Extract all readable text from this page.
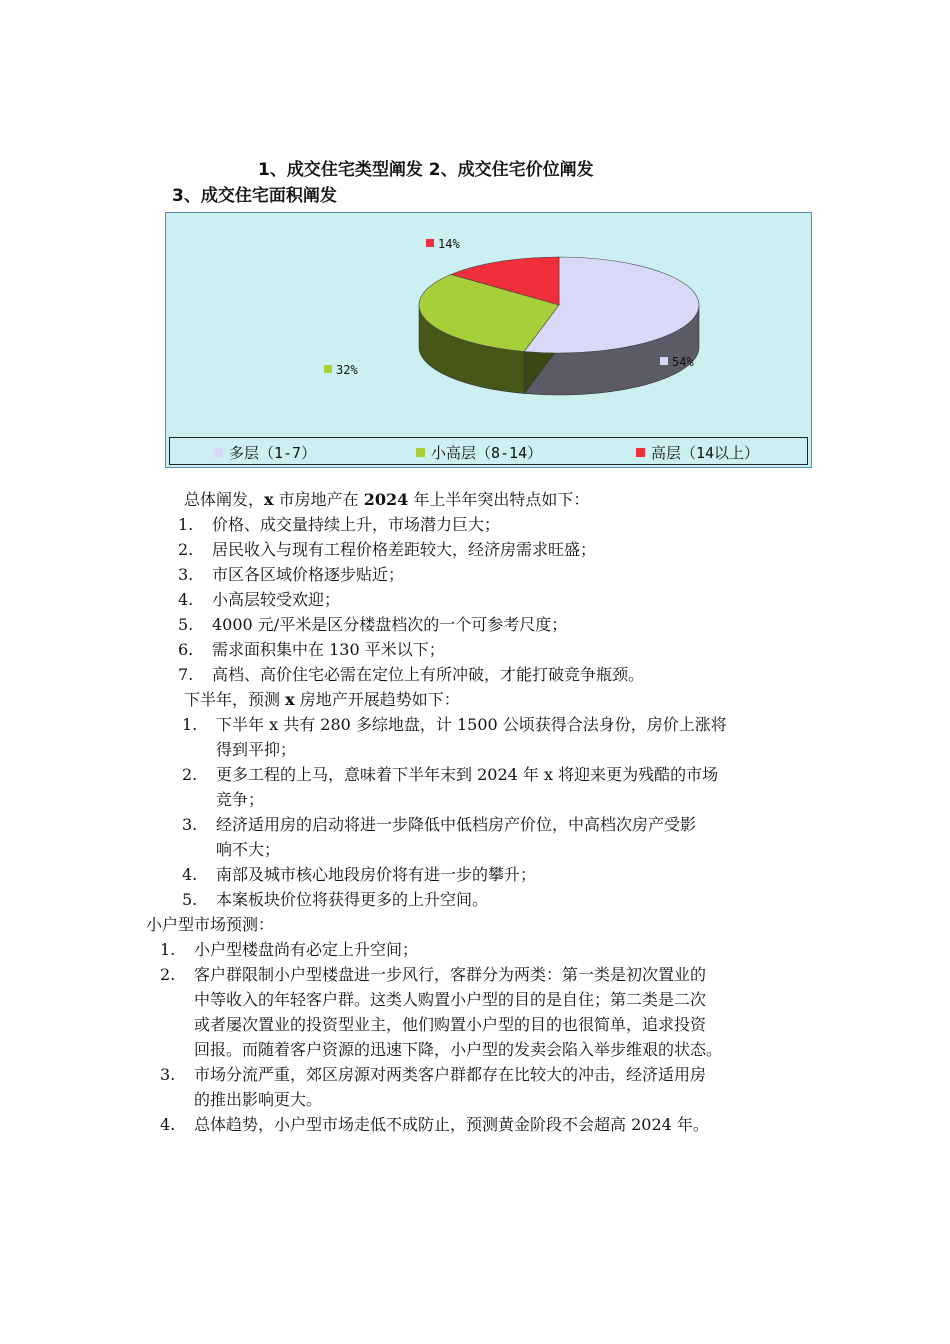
1、成交住宅类型阐发 2、成交住宅价位阐发
3、成交住宅面积阐发
14%
32%
54%
多层（1-7）	小高层（8-14）	高层（14以上）
总体阐发，x 市房地产在 2024 年上半年突出特点如下：
1. 价格、成交量持续上升，市场潜力巨大；
2. 居民收入与现有工程价格差距较大，经济房需求旺盛；
3. 市区各区域价格逐步贴近；
4. 小高层较受欢迎；
5. 4000 元/平米是区分楼盘档次的一个可参考尺度；
6. 需求面积集中在 130 平米以下；
7. 高档、高价住宅必需在定位上有所冲破，才能打破竞争瓶颈。
下半年，预测 x 房地产开展趋势如下：
1. 下半年 x 共有 280 多综地盘，计 1500 公顷获得合法身份，房价上涨将
得到平抑；
2. 更多工程的上马，意味着下半年末到 2024 年 x 将迎来更为残酷的市场
竞争；
3. 经济适用房的启动将进一步降低中低档房产价位，中高档次房产受影
响不大；
4. 南部及城市核心地段房价将有进一步的攀升；
5. 本案板块价位将获得更多的上升空间。
小户型市场预测：
1. 小户型楼盘尚有必定上升空间；
2. 客户群限制小户型楼盘进一步风行，客群分为两类：第一类是初次置业的
中等收入的年轻客户群。这类人购置小户型的目的是自住；第二类是二次
或者屡次置业的投资型业主，他们购置小户型的目的也很简单，追求投资
回报。而随着客户资源的迅速下降，小户型的发卖会陷入举步维艰的状态。
3. 市场分流严重，郊区房源对两类客户群都存在比较大的冲击，经济适用房
的推出影响更大。
4. 总体趋势，小户型市场走低不成防止，预测黄金阶段不会超高 2024 年。
